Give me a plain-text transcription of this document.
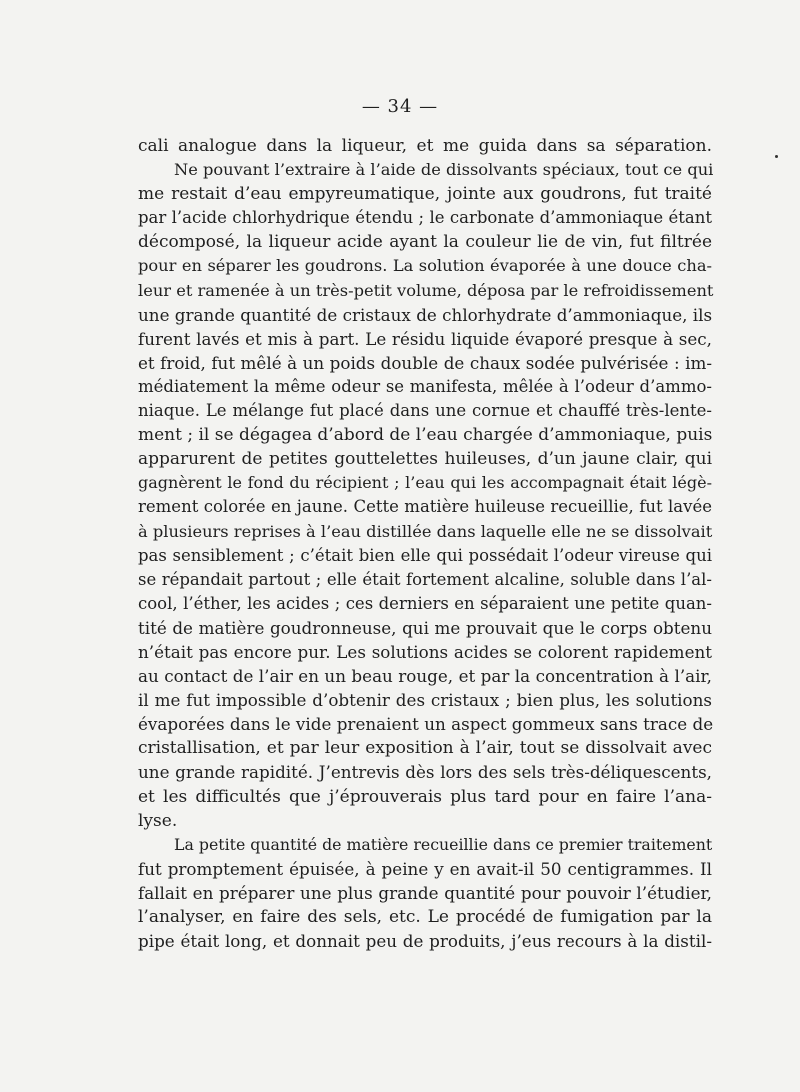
— 34 —
cali analogue dans la liqueur, et me guida dans sa séparation.
Ne pouvant l’extraire à l’aide de dissolvants spéciaux, tout ce qui
me restait d’eau empyreumatique, jointe aux goudrons, fut traité
par l’acide chlorhydrique étendu ; le carbonate d’ammoniaque étant
décomposé, la liqueur acide ayant la couleur lie de vin, fut filtrée
pour en séparer les goudrons. La solution évaporée à une douce cha-
leur et ramenée à un très-petit volume, déposa par le refroidissement
une grande quantité de cristaux de chlorhydrate d’ammoniaque, ils
furent lavés et mis à part. Le résidu liquide évaporé presque à sec,
et froid, fut mêlé à un poids double de chaux sodée pulvérisée : im-
médiatement la même odeur se manifesta, mêlée à l’odeur d’ammo-
niaque. Le mélange fut placé dans une cornue et chauffé très-lente-
ment ; il se dégagea d’abord de l’eau chargée d’ammoniaque, puis
apparurent de petites gouttelettes huileuses, d’un jaune clair, qui
gagnèrent le fond du récipient ; l’eau qui les accompagnait était légè-
rement colorée en jaune. Cette matière huileuse recueillie, fut lavée
à plusieurs reprises à l’eau distillée dans laquelle elle ne se dissolvait
pas sensiblement ; c’était bien elle qui possédait l’odeur vireuse qui
se répandait partout ; elle était fortement alcaline, soluble dans l’al-
cool, l’éther, les acides ; ces derniers en séparaient une petite quan-
tité de matière goudronneuse, qui me prouvait que le corps obtenu
n’était pas encore pur. Les solutions acides se colorent rapidement
au contact de l’air en un beau rouge, et par la concentration à l’air,
il me fut impossible d’obtenir des cristaux ; bien plus, les solutions
évaporées dans le vide prenaient un aspect gommeux sans trace de
cristallisation, et par leur exposition à l’air, tout se dissolvait avec
une grande rapidité. J’entrevis dès lors des sels très-déliquescents,
et les difficultés que j’éprouverais plus tard pour en faire l’ana-
lyse.
La petite quantité de matière recueillie dans ce premier traitement
fut promptement épuisée, à peine y en avait-il 50 centigrammes. Il
fallait en préparer une plus grande quantité pour pouvoir l’étudier,
l’analyser, en faire des sels, etc. Le procédé de fumigation par la
pipe était long, et donnait peu de produits, j’eus recours à la distil-
